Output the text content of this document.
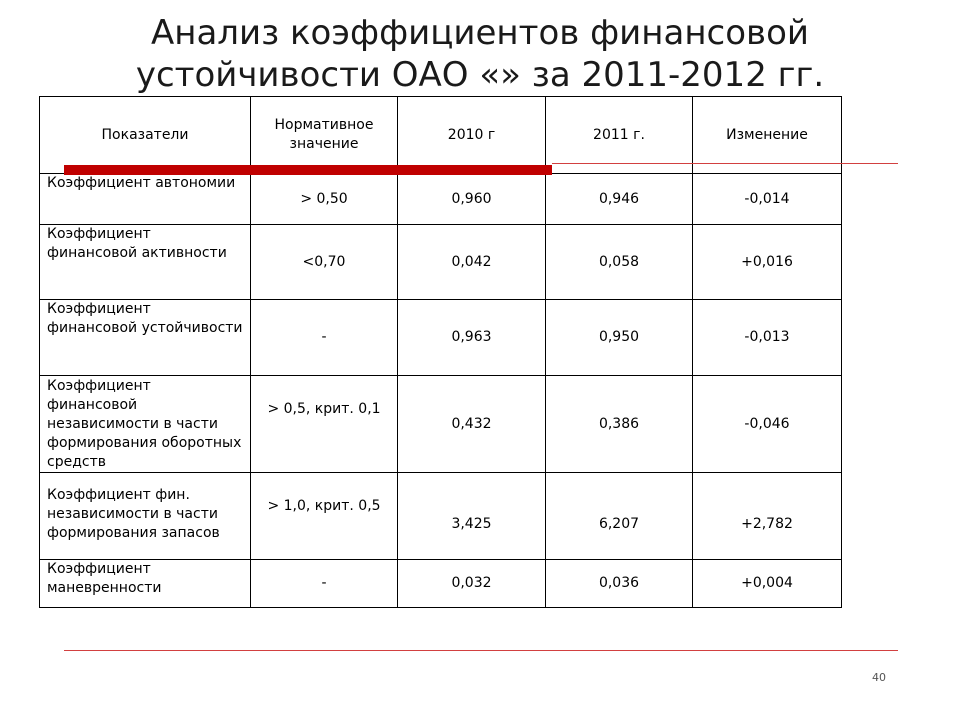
Анализ коэффициентов финансовой
устойчивости ОАО «» за 2011-2012 гг.
Показатели	Нормативное значение	2010 г	2011 г.	Изменение
Коэффициент автономии	> 0,50	0,960	0,946	-0,014
Коэффициент финансовой активности	<0,70	0,042	0,058	+0,016
Коэффициент финансовой устойчивости	-	0,963	0,950	-0,013
Коэффициент финансовой независимости в части формирования оборотных средств	> 0,5, крит. 0,1	0,432	0,386	-0,046
Коэффициент фин. независимости в части формирования запасов	> 1,0, крит. 0,5	3,425	6,207	+2,782
Коэффициент маневренности	-	0,032	0,036	+0,004
40
